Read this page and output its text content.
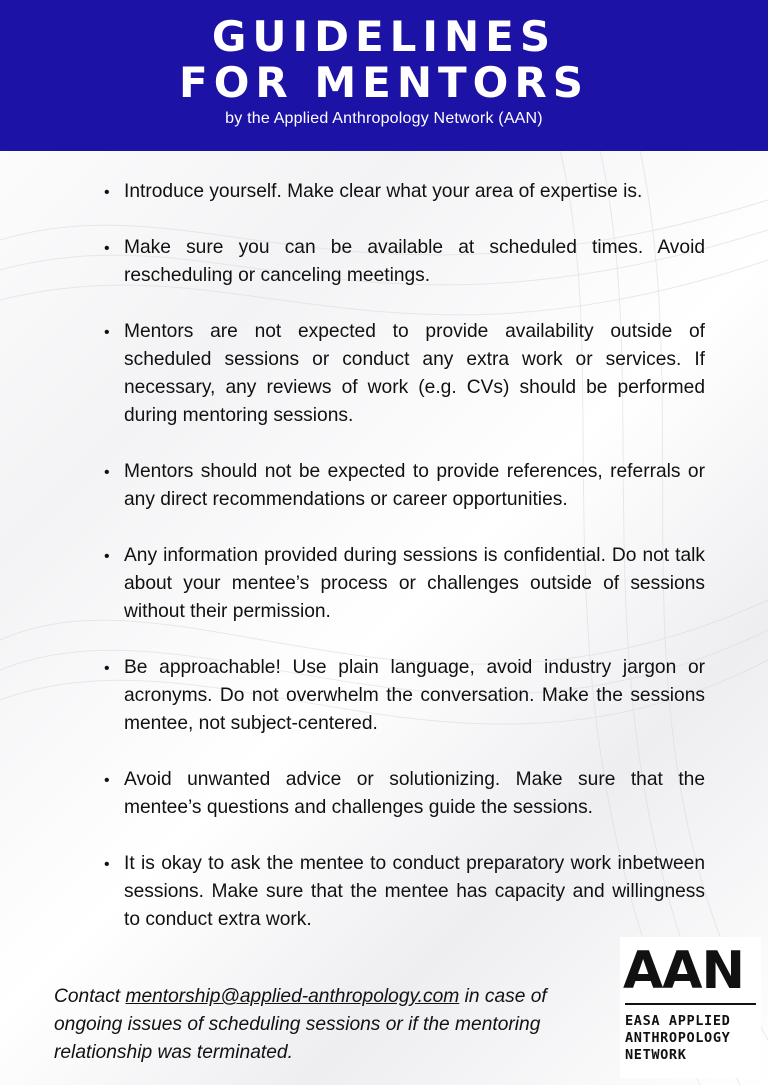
GUIDELINES
FOR MENTORS
by the Applied Anthropology Network (AAN)
• Introduce yourself. Make clear what your area of expertise is.
• Make sure you can be available at scheduled times. Avoid rescheduling or canceling meetings.
• Mentors are not expected to provide availability outside of scheduled sessions or conduct any extra work or services. If necessary, any reviews of work (e.g. CVs) should be performed during mentoring sessions.
• Mentors should not be expected to provide references, referrals or any direct recommendations or career opportunities.
• Any information provided during sessions is confidential. Do not talk about your mentee’s process or challenges outside of sessions without their permission.
• Be approachable! Use plain language, avoid industry jargon or acronyms. Do not overwhelm the conversation. Make the sessions mentee, not subject-centered.
• Avoid unwanted advice or solutionizing. Make sure that the mentee’s questions and challenges guide the sessions.
• It is okay to ask the mentee to conduct preparatory work inbetween sessions. Make sure that the mentee has capacity and willingness to conduct extra work.

Contact mentorship@applied-anthropology.com in case of ongoing issues of scheduling sessions or if the mentoring relationship was terminated.

AAN
EASA APPLIED
ANTHROPOLOGY
NETWORK
